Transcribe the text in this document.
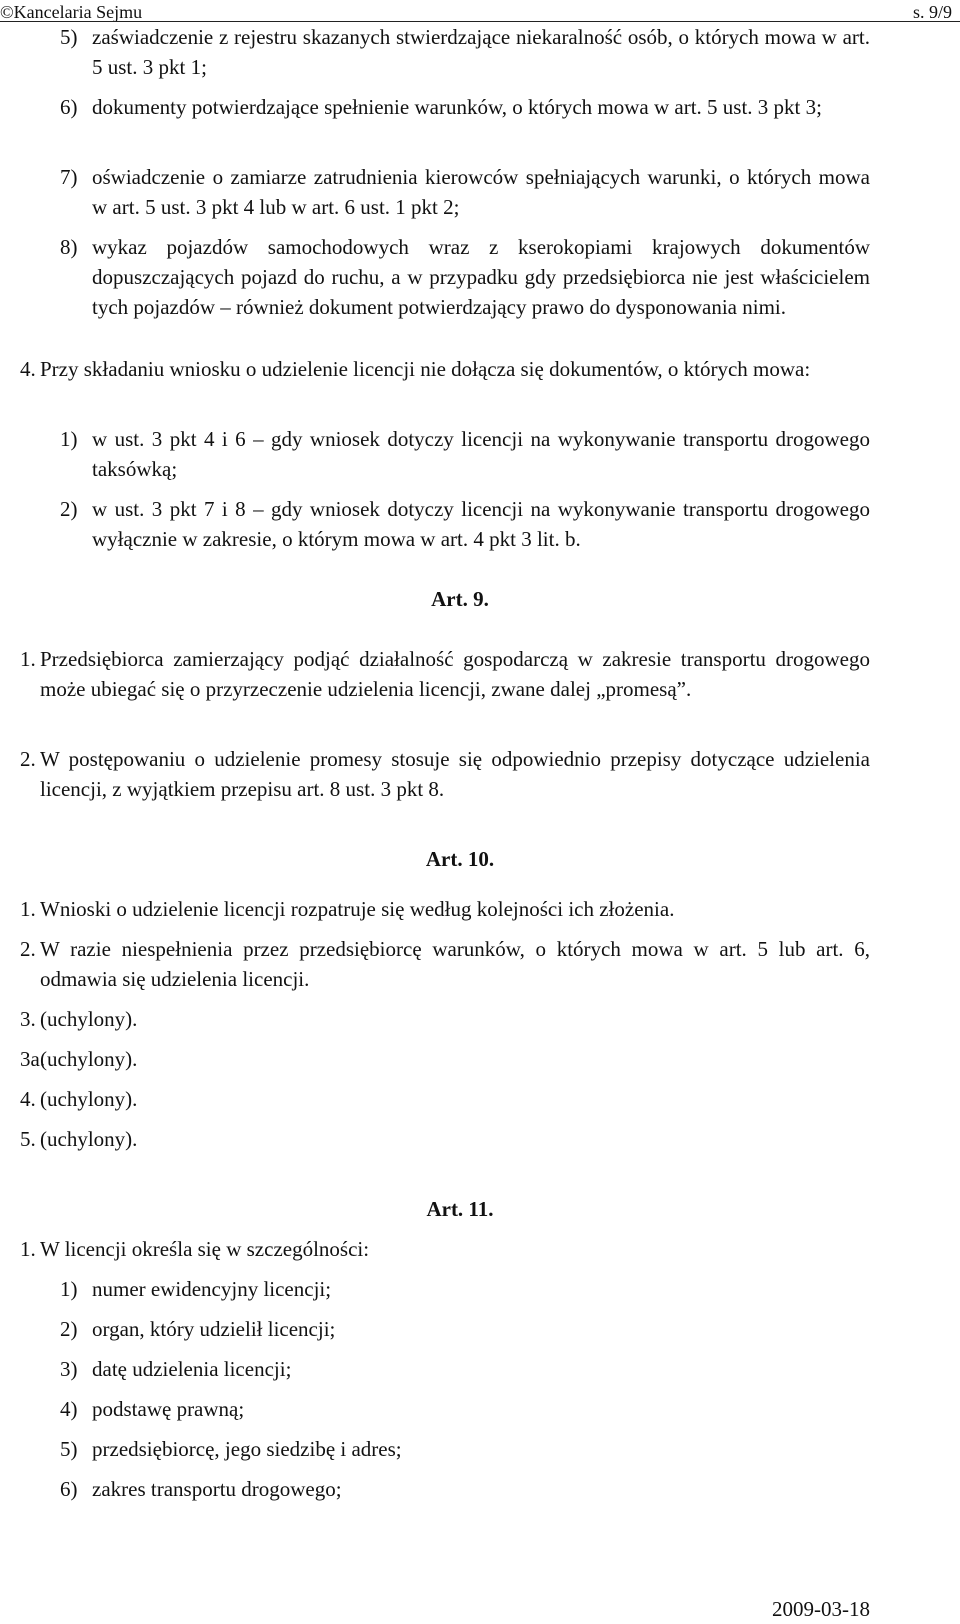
©Kancelaria Sejmu	s. 9/9

5) zaświadczenie z rejestru skazanych stwierdzające niekaralność osób, o których mowa w art. 5 ust. 3 pkt 1;

6) dokumenty potwierdzające spełnienie warunków, o których mowa w art. 5 ust. 3 pkt 3;

7) oświadczenie o zamiarze zatrudnienia kierowców spełniających warunki, o których mowa w art. 5 ust. 3 pkt 4 lub w art. 6 ust. 1 pkt 2;

8) wykaz pojazdów samochodowych wraz z kserokopiami krajowych dokumentów dopuszczających pojazd do ruchu, a w przypadku gdy przedsiębiorca nie jest właścicielem tych pojazdów – również dokument potwierdzający prawo do dysponowania nimi.

4. Przy składaniu wniosku o udzielenie licencji nie dołącza się dokumentów, o których mowa:

1) w ust. 3 pkt 4 i 6 – gdy wniosek dotyczy licencji na wykonywanie transportu drogowego taksówką;

2) w ust. 3 pkt 7 i 8 – gdy wniosek dotyczy licencji na wykonywanie transportu drogowego wyłącznie w zakresie, o którym mowa w art. 4 pkt 3 lit. b.

Art. 9.

1. Przedsiębiorca zamierzający podjąć działalność gospodarczą w zakresie transportu drogowego może ubiegać się o przyrzeczenie udzielenia licencji, zwane dalej „promesą”.

2. W postępowaniu o udzielenie promesy stosuje się odpowiednio przepisy dotyczące udzielenia licencji, z wyjątkiem przepisu art. 8 ust. 3 pkt 8.

Art. 10.

1. Wnioski o udzielenie licencji rozpatruje się według kolejności ich złożenia.

2. W razie niespełnienia przez przedsiębiorcę warunków, o których mowa w art. 5 lub art. 6, odmawia się udzielenia licencji.

3. (uchylony).

3a.
(uchylony).

4. (uchylony).

5. (uchylony).

Art. 11.

1. W licencji określa się w szczególności:

1) numer ewidencyjny licencji;

2) organ, który udzielił licencji;

3) datę udzielenia licencji;

4) podstawę prawną;

5) przedsiębiorcę, jego siedzibę i adres;

6) zakres transportu drogowego;

2009-03-18
